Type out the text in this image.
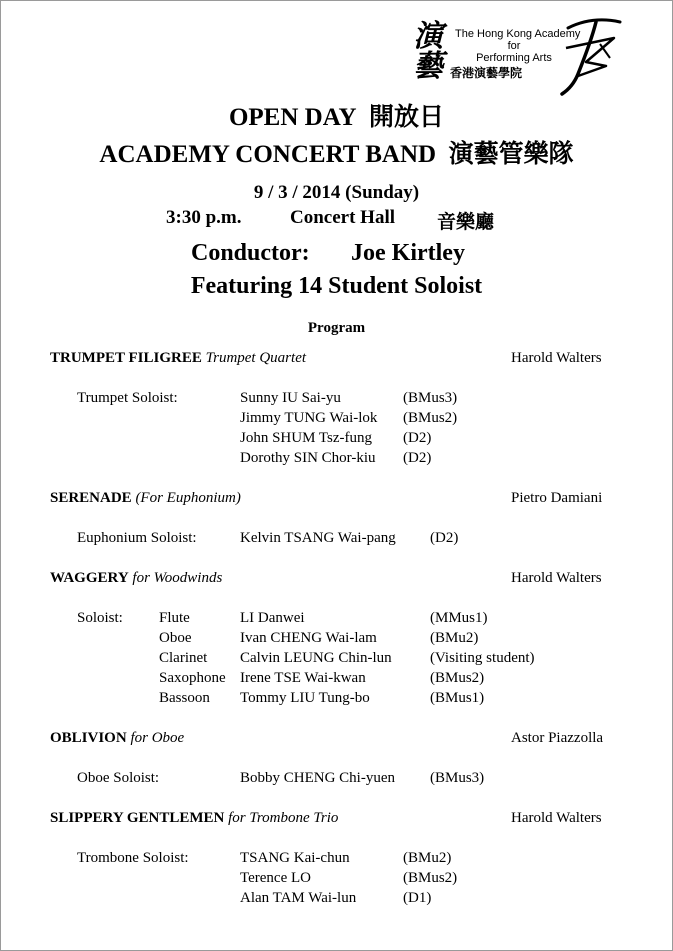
演
藝
The Hong Kong Academy
for
Performing Arts
香港演藝學院
OPEN DAY 開放日
ACADEMY CONCERT BAND 演藝管樂隊
9 / 3 / 2014 (Sunday)
3:30 p.m.	Concert Hall 音樂廳
Conductor: Joe Kirtley
Featuring 14 Student Soloist
Program
TRUMPET FILIGREE Trumpet Quartet	Harold Walters
Trumpet Soloist:	Sunny IU Sai-yu	(BMus3)
Jimmy TUNG Wai-lok (BMus2)
John SHUM Tsz-fung (D2)
Dorothy SIN Chor-kiu (D2)
SERENADE (For Euphonium)	Pietro Damiani
Euphonium Soloist:	Kelvin TSANG Wai-pang (D2)
WAGGERY for Woodwinds	Harold Walters
Soloist: Flute	LI Danwei	(MMus1)
Oboe	Ivan CHENG Wai-lam	(BMu2)
Clarinet Calvin LEUNG Chin-lun	(Visiting student)
Saxophone Irene TSE Wai-kwan	(BMus2)
Bassoon Tommy LIU Tung-bo	(BMus1)
OBLIVION for Oboe	Astor Piazzolla
Oboe Soloist:	Bobby CHENG Chi-yuen (BMus3)
SLIPPERY GENTLEMEN for Trombone Trio	Harold Walters
Trombone Soloist:	TSANG Kai-chun	(BMu2)
Terence LO	(BMus2)
Alan TAM Wai-lun	(D1)
